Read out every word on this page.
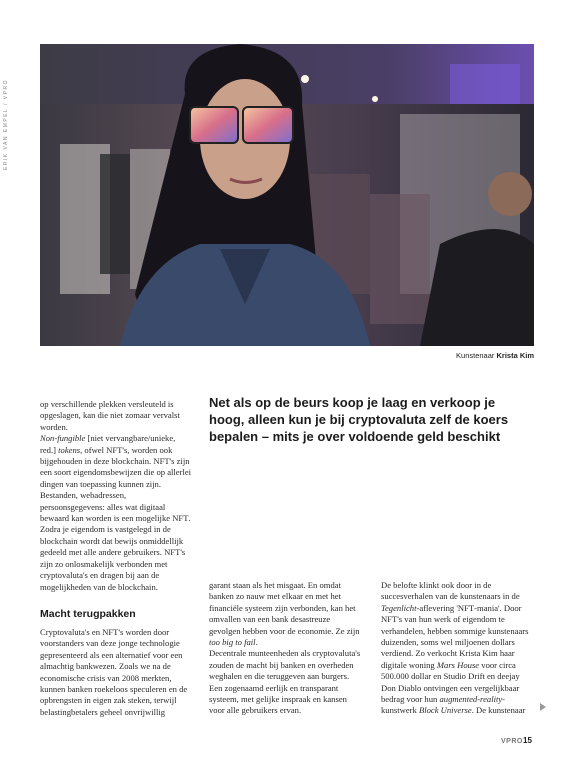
ERIK VAN EMPEL / VPRO
Kunstenaar Krista Kim

op verschillende plekken versleuteld is opgeslagen, kan die niet zomaar vervalst worden.
Non-fungible [niet vervangbare/unieke, red.] tokens, ofwel NFT's, worden ook bijgehouden in deze blockchain. NFT's zijn een soort eigendomsbewijzen die op allerlei dingen van toepassing kunnen zijn. Bestanden, webadressen, persoonsgegevens: alles wat digitaal bewaard kan worden is een mogelijke NFT. Zodra je eigendom is vastgelegd in de blockchain wordt dat bewijs onmiddellijk gedeeld met alle andere gebruikers. NFT's zijn zo onlosmakelijk verbonden met cryptovaluta's en dragen bij aan de mogelijkheden van de blockchain.

Macht terugpakken

Cryptovaluta's en NFT's worden door voorstanders van deze jonge technologie gepresenteerd als een alternatief voor een almachtig bankwezen. Zoals we na de economische crisis van 2008 merkten, kunnen banken roekeloos speculeren en de opbrengsten in eigen zak steken, terwijl belastingbetalers geheel onvrijwillig

Net als op de beurs koop je laag en verkoop je hoog, alleen kun je bij cryptovaluta zelf de koers bepalen – mits je over voldoende geld beschikt

garant staan als het misgaat. En omdat banken zo nauw met elkaar en met het financiële systeem zijn verbonden, kan het omvallen van een bank desastreuze gevolgen hebben voor de economie. Ze zijn too big to fail.
Decentrale munteenheden als cryptovaluta's zouden de macht bij banken en overheden weghalen en die teruggeven aan burgers. Een zogenaamd eerlijk en transparant systeem, met gelijke inspraak en kansen voor alle gebruikers ervan.

De belofte klinkt ook door in de succesverhalen van de kunstenaars in de Tegenlicht-aflevering 'NFT-mania'. Door NFT's van hun werk of eigendom te verhandelen, hebben sommige kunstenaars duizenden, soms wel miljoenen dollars verdiend. Zo verkocht Krista Kim haar digitale woning Mars House voor circa 500.000 dollar en Studio Drift en deejay Don Diablo ontvingen een vergelijkbaar bedrag voor hun augmented-reality-kunstwerk Block Universe. De kunstenaar

VPRO 15
